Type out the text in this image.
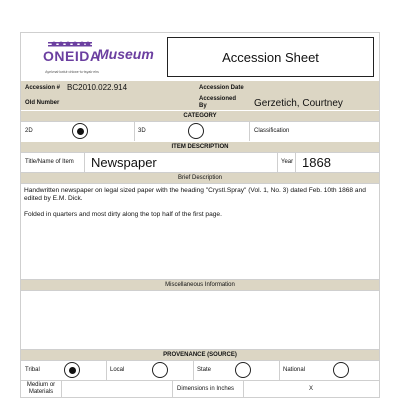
ONEIDA
Ayelvnal·kwlut·ohkwe·tu·tsyak·ehs
Museum	Accession Sheet
Accession # BC2010.022.914	Accession Date
Old Number
Accessioned By	Gerzetich, Courtney
CATEGORY
2D	3D	Classification
ITEM DESCRIPTION
Title/Name of Item Newspaper	Year 1868
Brief Description
Handwritten newspaper on legal sized paper with the heading "Crystl.Spray" (Vol. 1, No. 3) dated Feb. 10th 1868 and edited by E.M. Dick.
Folded in quarters and most dirty along the top half of the first page.
Miscellaneous Information
PROVENANCE (SOURCE)
Tribal	Local	State	National
Medium or Materials	Dimensions in Inches	X
